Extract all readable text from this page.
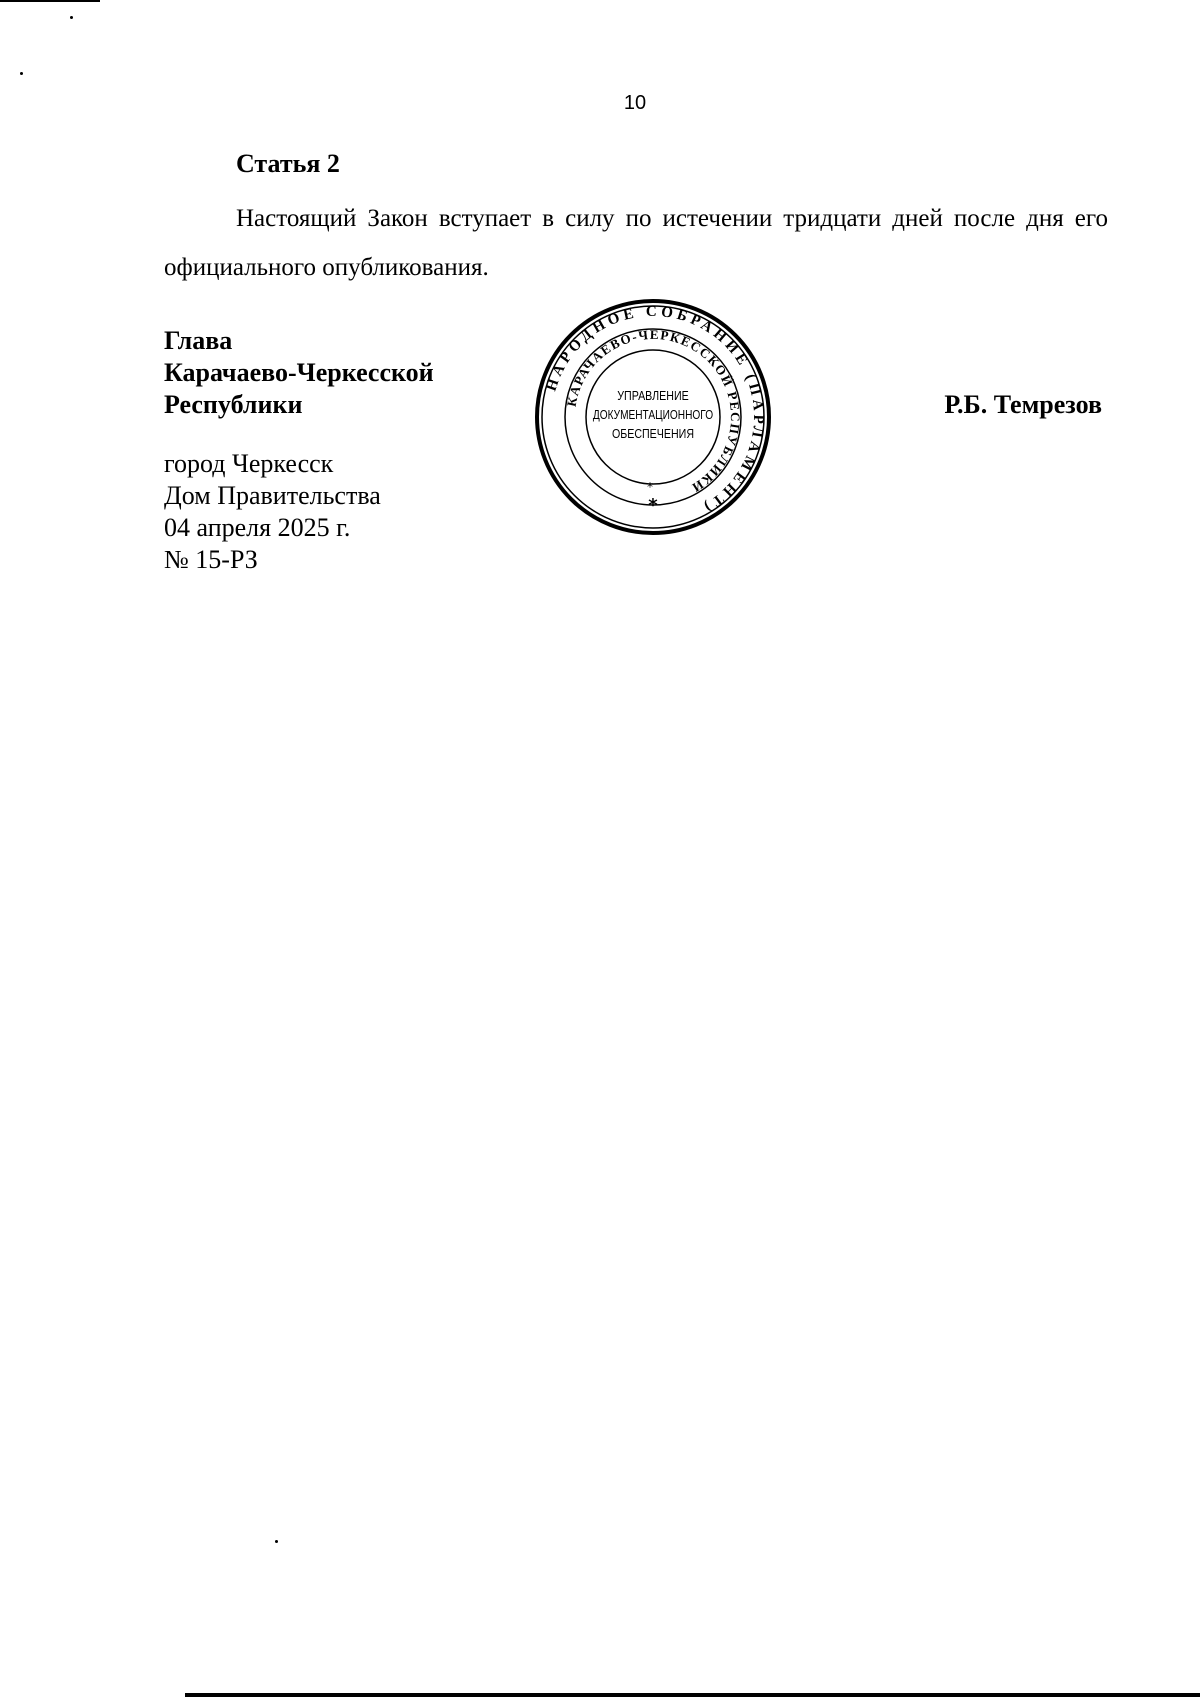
10
Статья 2
Настоящий Закон вступает в силу по истечении тридцати дней после дня его официального опубликования.
Глава
Карачаево-Черкесской
Республики
НАРОДНОЕ СОБРАНИЕ (ПАРЛАМЕНТ)
КАРАЧАЕВО-ЧЕРКЕССКОЙ РЕСПУБЛИКИ
УПРАВЛЕНИЕ
ДОКУМЕНТАЦИОННОГО
ОБЕСПЕЧЕНИЯ
*
*
Р.Б. Темрезов
город Черкесск
Дом Правительства
04 апреля 2025 г.
№ 15-РЗ
